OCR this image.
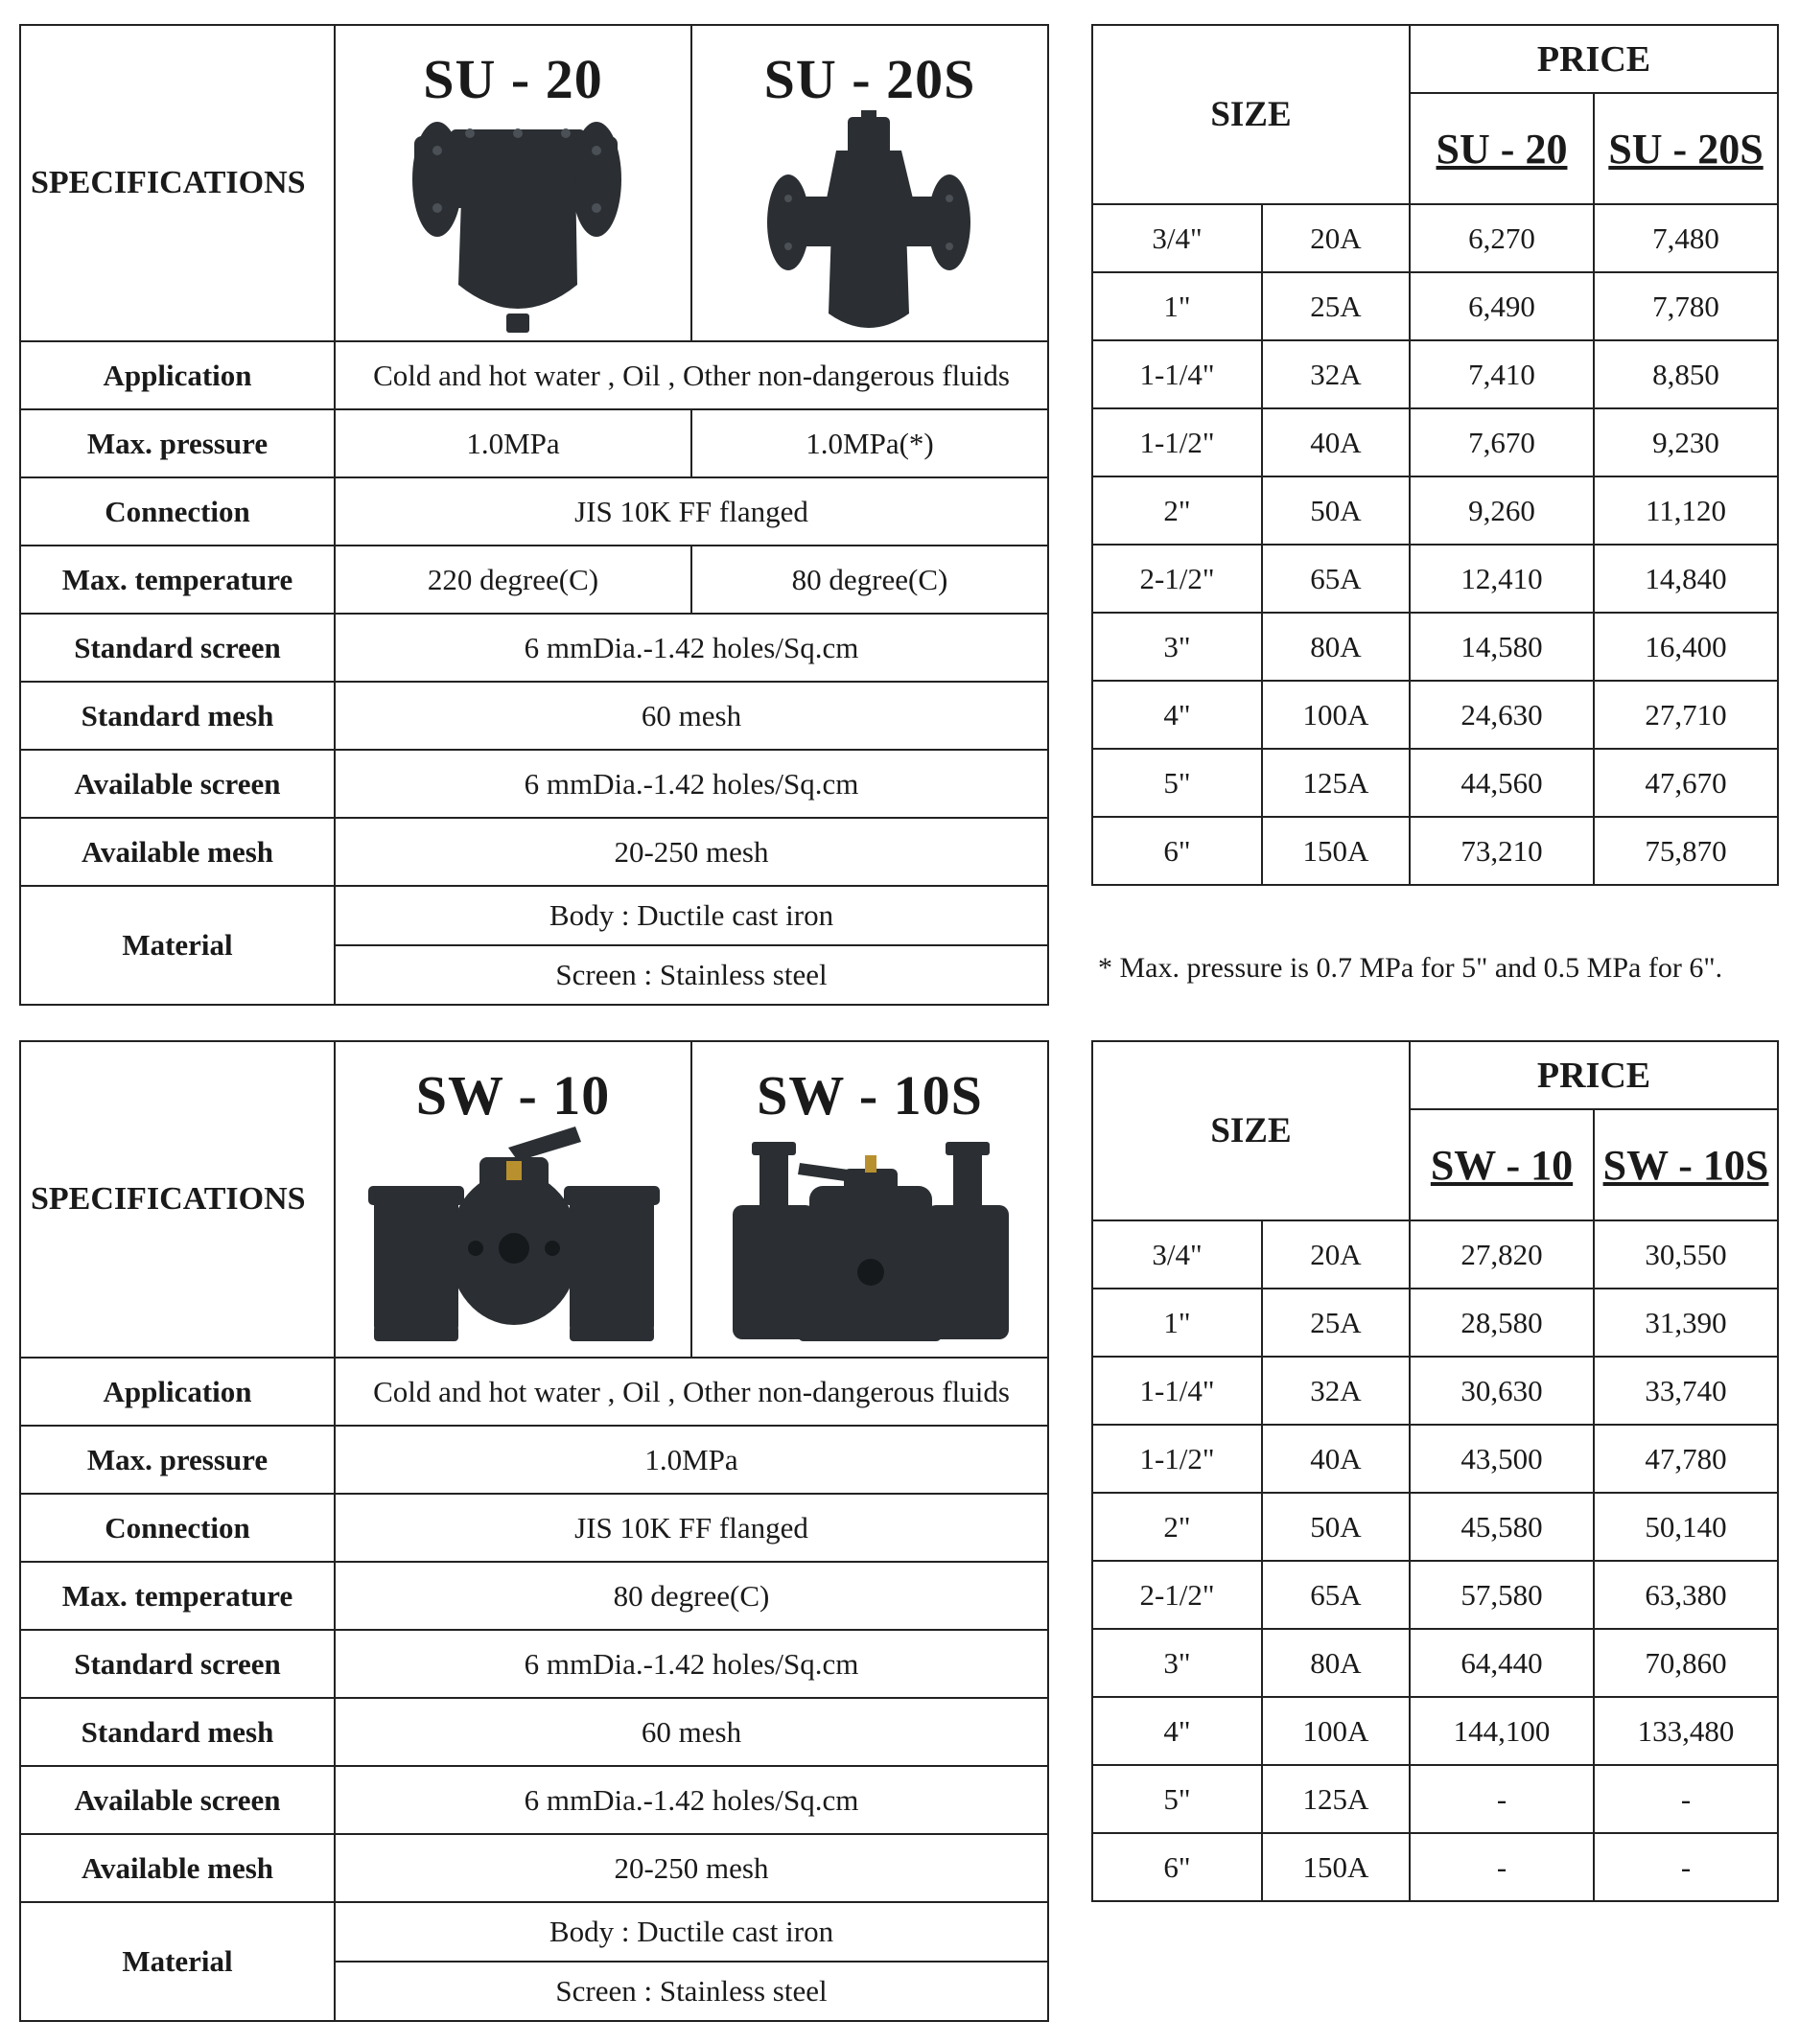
SPECIFICATIONS	SU - 20	SU - 20S

Application	Cold and hot water , Oil , Other non-dangerous fluids	
Max. pressure	1.0MPa	1.0MPa(*)
Connection	JIS 10K FF flanged	
Max. temperature	220 degree(C)	80 degree(C)
Standard screen	6 mmDia.-1.42 holes/Sq.cm	
Standard mesh	60 mesh	
Available screen	6 mmDia.-1.42 holes/Sq.cm	
Available mesh	20-250 mesh	
Material	Body : Ductile cast iron	
	Screen : Stainless steel	
SIZE		PRICE	
		SU - 20	SU - 20S
3/4"	20A	6,270	7,480
1"	25A	6,490	7,780
1-1/4"	32A	7,410	8,850
1-1/2"	40A	7,670	9,230
2"	50A	9,260	11,120
2-1/2"	65A	12,410	14,840
3"	80A	14,580	16,400
4"	100A	24,630	27,710
5"	125A	44,560	47,670
6"	150A	73,210	75,870
* Max. pressure is 0.7 MPa for 5" and 0.5 MPa for 6".
SPECIFICATIONS	SW - 10	SW - 10S

Application	Cold and hot water , Oil , Other non-dangerous fluids	
Max. pressure	1.0MPa	
Connection	JIS 10K FF flanged	
Max. temperature	80 degree(C)	
Standard screen	6 mmDia.-1.42 holes/Sq.cm	
Standard mesh	60 mesh	
Available screen	6 mmDia.-1.42 holes/Sq.cm	
Available mesh	20-250 mesh	
Material	Body : Ductile cast iron	
	Screen : Stainless steel	
SIZE		PRICE	
		SW - 10	SW - 10S
3/4"	20A	27,820	30,550
1"	25A	28,580	31,390
1-1/4"	32A	30,630	33,740
1-1/2"	40A	43,500	47,780
2"	50A	45,580	50,140
2-1/2"	65A	57,580	63,380
3"	80A	64,440	70,860
4"	100A	144,100	133,480
5"	125A	-	-
6"	150A	-	-
